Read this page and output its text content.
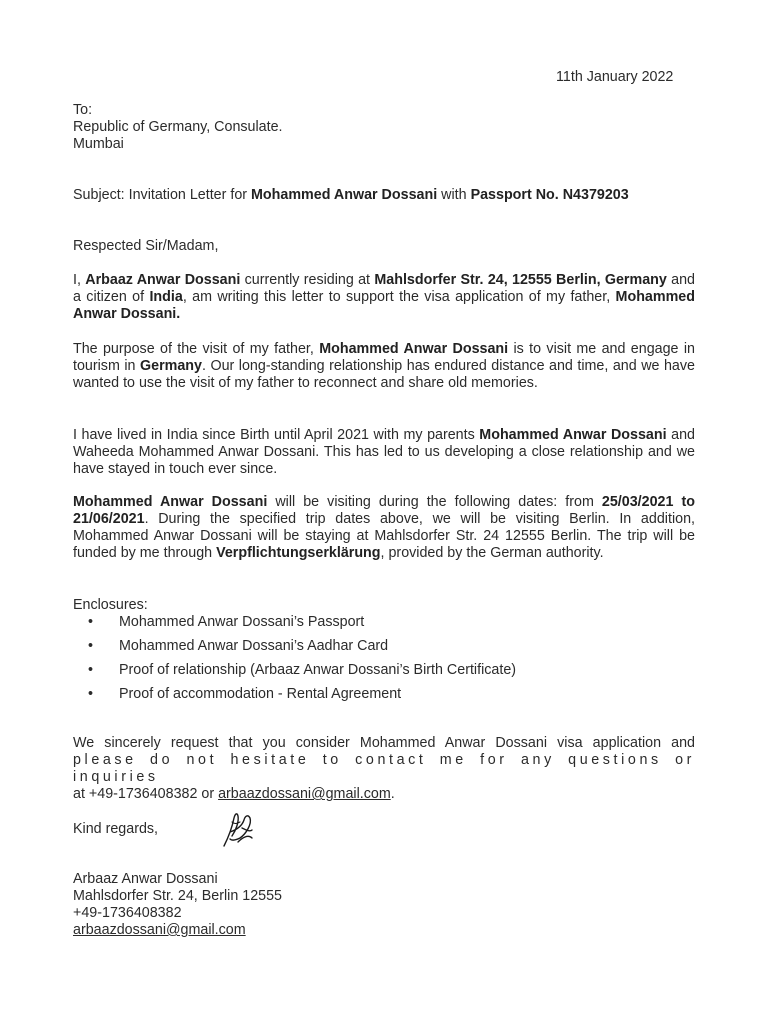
11th January 2022
To:
Republic of Germany, Consulate.
Mumbai
Subject: Invitation Letter for Mohammed Anwar Dossani with Passport No. N4379203
Respected Sir/Madam,
I, Arbaaz Anwar Dossani currently residing at Mahlsdorfer Str. 24, 12555 Berlin, Germany and a citizen of India, am writing this letter to support the visa application of my father, Mohammed Anwar Dossani.
The purpose of the visit of my father, Mohammed Anwar Dossani is to visit me and engage in tourism in Germany. Our long-standing relationship has endured distance and time, and we have wanted to use the visit of my father to reconnect and share old memories.
I have lived in India since Birth until April 2021 with my parents Mohammed Anwar Dossani and Waheeda Mohammed Anwar Dossani. This has led to us developing a close relationship and we have stayed in touch ever since.
Mohammed Anwar Dossani will be visiting during the following dates: from 25/03/2021 to 21/06/2021. During the specified trip dates above, we will be visiting Berlin. In addition, Mohammed Anwar Dossani will be staying at Mahlsdorfer Str. 24 12555 Berlin. The trip will be funded by me through Verpflichtungserklärung, provided by the German authority.
Enclosures:
• Mohammed Anwar Dossani’s Passport
• Mohammed Anwar Dossani’s Aadhar Card
• Proof of relationship (Arbaaz Anwar Dossani’s Birth Certificate)
• Proof of accommodation - Rental Agreement
We sincerely request that you consider Mohammed Anwar Dossani visa application and
please do not hesitate to contact me for any questions or inquiries
at +49-1736408382 or arbaazdossani@gmail.com.
Kind regards,
Arbaaz Anwar Dossani
Mahlsdorfer Str. 24, Berlin 12555
+49-1736408382
arbaazdossani@gmail.com
